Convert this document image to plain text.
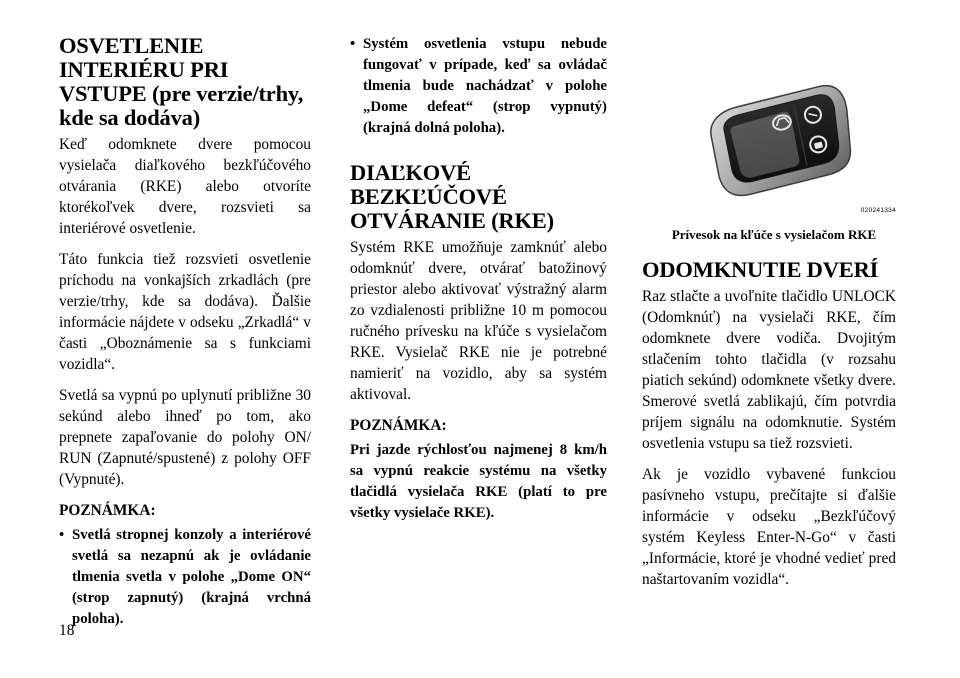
OSVETLENIE INTERIÉRU PRI VSTUPE (pre verzie/trhy, kde sa dodáva)

Keď odomknete dvere pomocou vysielača diaľkového bezkľúčového otvárania (RKE) alebo otvoríte ktorékoľvek dvere, rozsvieti sa interiérové osvetlenie.

Táto funkcia tiež rozsvieti osvetlenie príchodu na vonkajších zrkadlách (pre verzie/trhy, kde sa dodáva). Ďalšie informácie nájdete v odseku „Zrkadlá“ v časti „Oboznámenie sa s funkciami vozidla“.

Svetlá sa vypnú po uplynutí približne 30 sekúnd alebo ihneď po tom, ako prepnete zapaľovanie do polohy ON/ RUN (Zapnuté/spustené) z polohy OFF (Vypnuté).

POZNÁMKA:
• Svetlá stropnej konzoly a interiérové svetlá sa nezapnú ak je ovládanie tlmenia svetla v polohe „Dome ON“ (strop zapnutý) (krajná vrchná poloha).
• Systém osvetlenia vstupu nebude fungovať v prípade, keď sa ovládač tlmenia bude nachádzať v polohe „Dome defeat“ (strop vypnutý) (krajná dolná poloha).
DIAĽKOVÉ BEZKĽÚČOVÉ OTVÁRANIE (RKE)

Systém RKE umožňuje zamknúť alebo odomknúť dvere, otvárať batožinový priestor alebo aktivovať výstražný alarm zo vzdialenosti približne 10 m pomocou ručného prívesku na kľúče s vysielačom RKE. Vysielač RKE nie je potrebné namieriť na vozidlo, aby sa systém aktivoval.

POZNÁMKA:
Pri jazde rýchlosťou najmenej 8 km/h sa vypnú reakcie systému na všetky tlačidlá vysielača RKE (platí to pre všetky vysielače RKE).
020241334
Prívesok na kľúče s vysielačom RKE
ODOMKNUTIE DVERÍ

Raz stlačte a uvoľnite tlačidlo UNLOCK (Odomknúť) na vysielači RKE, čím odomknete dvere vodiča. Dvojitým stlačením tohto tlačidla (v rozsahu piatich sekúnd) odomknete všetky dvere. Smerové svetlá zablikajú, čím potvrdia príjem signálu na odomknutie. Systém osvetlenia vstupu sa tiež rozsvieti.

Ak je vozidlo vybavené funkciou pasívneho vstupu, prečítajte si ďalšie informácie v odseku „Bezkľúčový systém Keyless Enter-N-Go“ v časti „Informácie, ktoré je vhodné vedieť pred naštartovaním vozidla“.

18
